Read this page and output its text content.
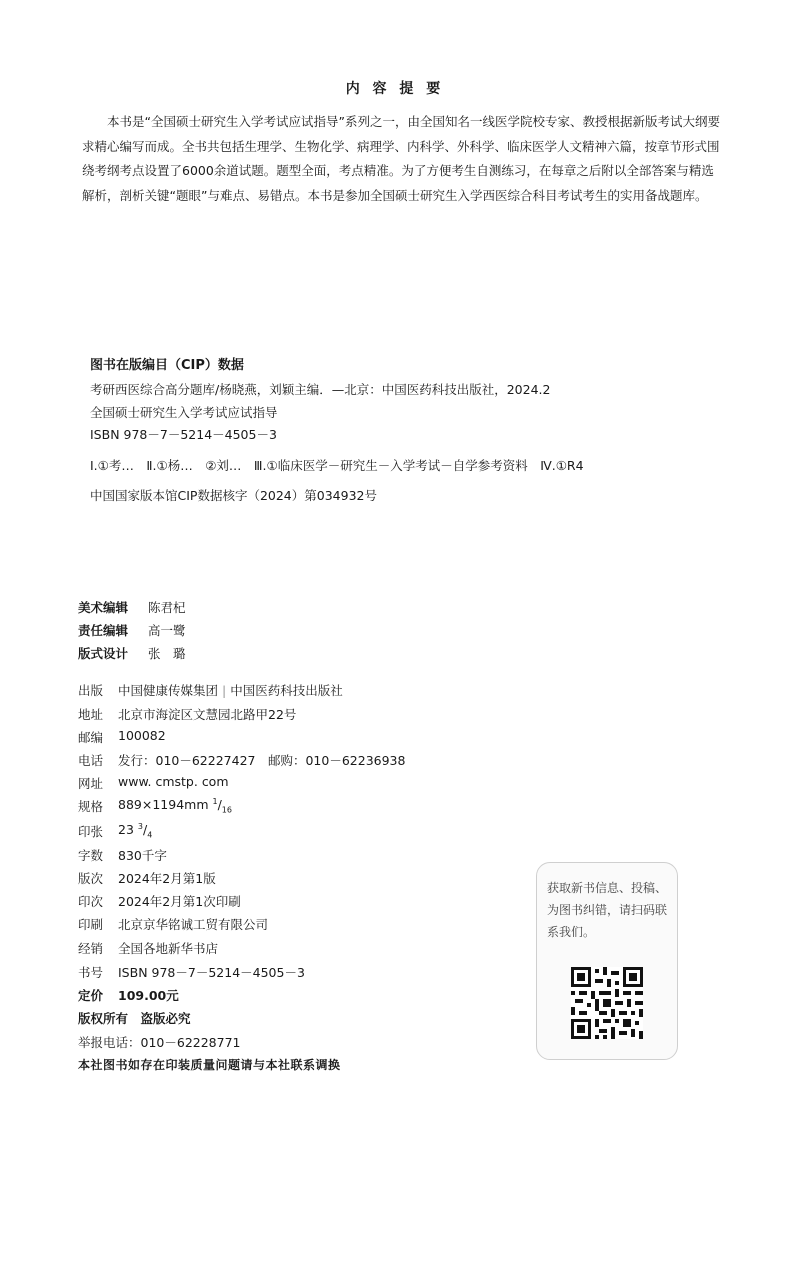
内 容 提 要
本书是“全国硕士研究生入学考试应试指导”系列之一，由全国知名一线医学院校专家、教授根据新版考试大纲要求精心编写而成。全书共包括生理学、生物化学、病理学、内科学、外科学、临床医学人文精神六篇，按章节形式围绕考纲考点设置了6000余道试题。题型全面，考点精准。为了方便考生自测练习，在每章之后附以全部答案与精选解析，剖析关键“题眼”与难点、易错点。本书是参加全国硕士研究生入学西医综合科目考试考生的实用备战题库。
图书在版编目（CIP）数据
考研西医综合高分题库/杨晓燕，刘颖主编．—北京：中国医药科技出版社，2024.2
全国硕士研究生入学考试应试指导
ISBN 978－7－5214－4505－3
Ⅰ.①考…　Ⅱ.①杨…　②刘…　Ⅲ.①临床医学－研究生－入学考试－自学参考资料　Ⅳ.①R4
中国国家版本馆CIP数据核字（2024）第034932号
美术编辑	陈君杞
责任编辑	高一鹭
版式设计	张　璐
出版	中国健康传媒集团 | 中国医药科技出版社
地址	北京市海淀区文慧园北路甲22号
邮编	100082
电话	发行：010－62227427　邮购：010－62236938
网址	www. cmstp. com
规格	889×1194mm $^1/_{16}$
印张	23 $^3/_4$
字数	830千字
版次	2024年2月第1版
印次	2024年2月第1次印刷
印刷	北京京华铭诚工贸有限公司
经销	全国各地新华书店
书号	ISBN 978－7－5214－4505－3
定价	109.00元
版权所有　盗版必究
举报电话：010－62228771
本社图书如存在印装质量问题请与本社联系调换
获取新书信息、投稿、为图书纠错，请扫码联系我们。
